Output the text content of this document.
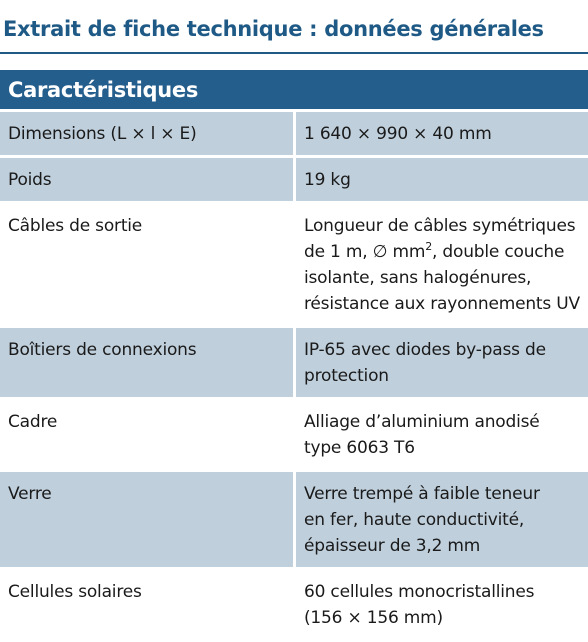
Extrait de fiche technique : données générales
Caractéristiques
Dimensions (L × l × E)	1 640 × 990 × 40 mm
Poids	19 kg
Câbles de sortie	Longueur de câbles symétriques
de 1 m, ∅ $mm^2$, double couche
isolante, sans halogénures,
résistance aux rayonnements UV
Boîtiers de connexions	IP-65 avec diodes by-pass de
protection
Cadre	Alliage d’aluminium anodisé
type 6063 T6
Verre	Verre trempé à faible teneur
en fer, haute conductivité,
épaisseur de 3,2 mm
Cellules solaires	60 cellules monocristallines
(156 × 156 mm)
